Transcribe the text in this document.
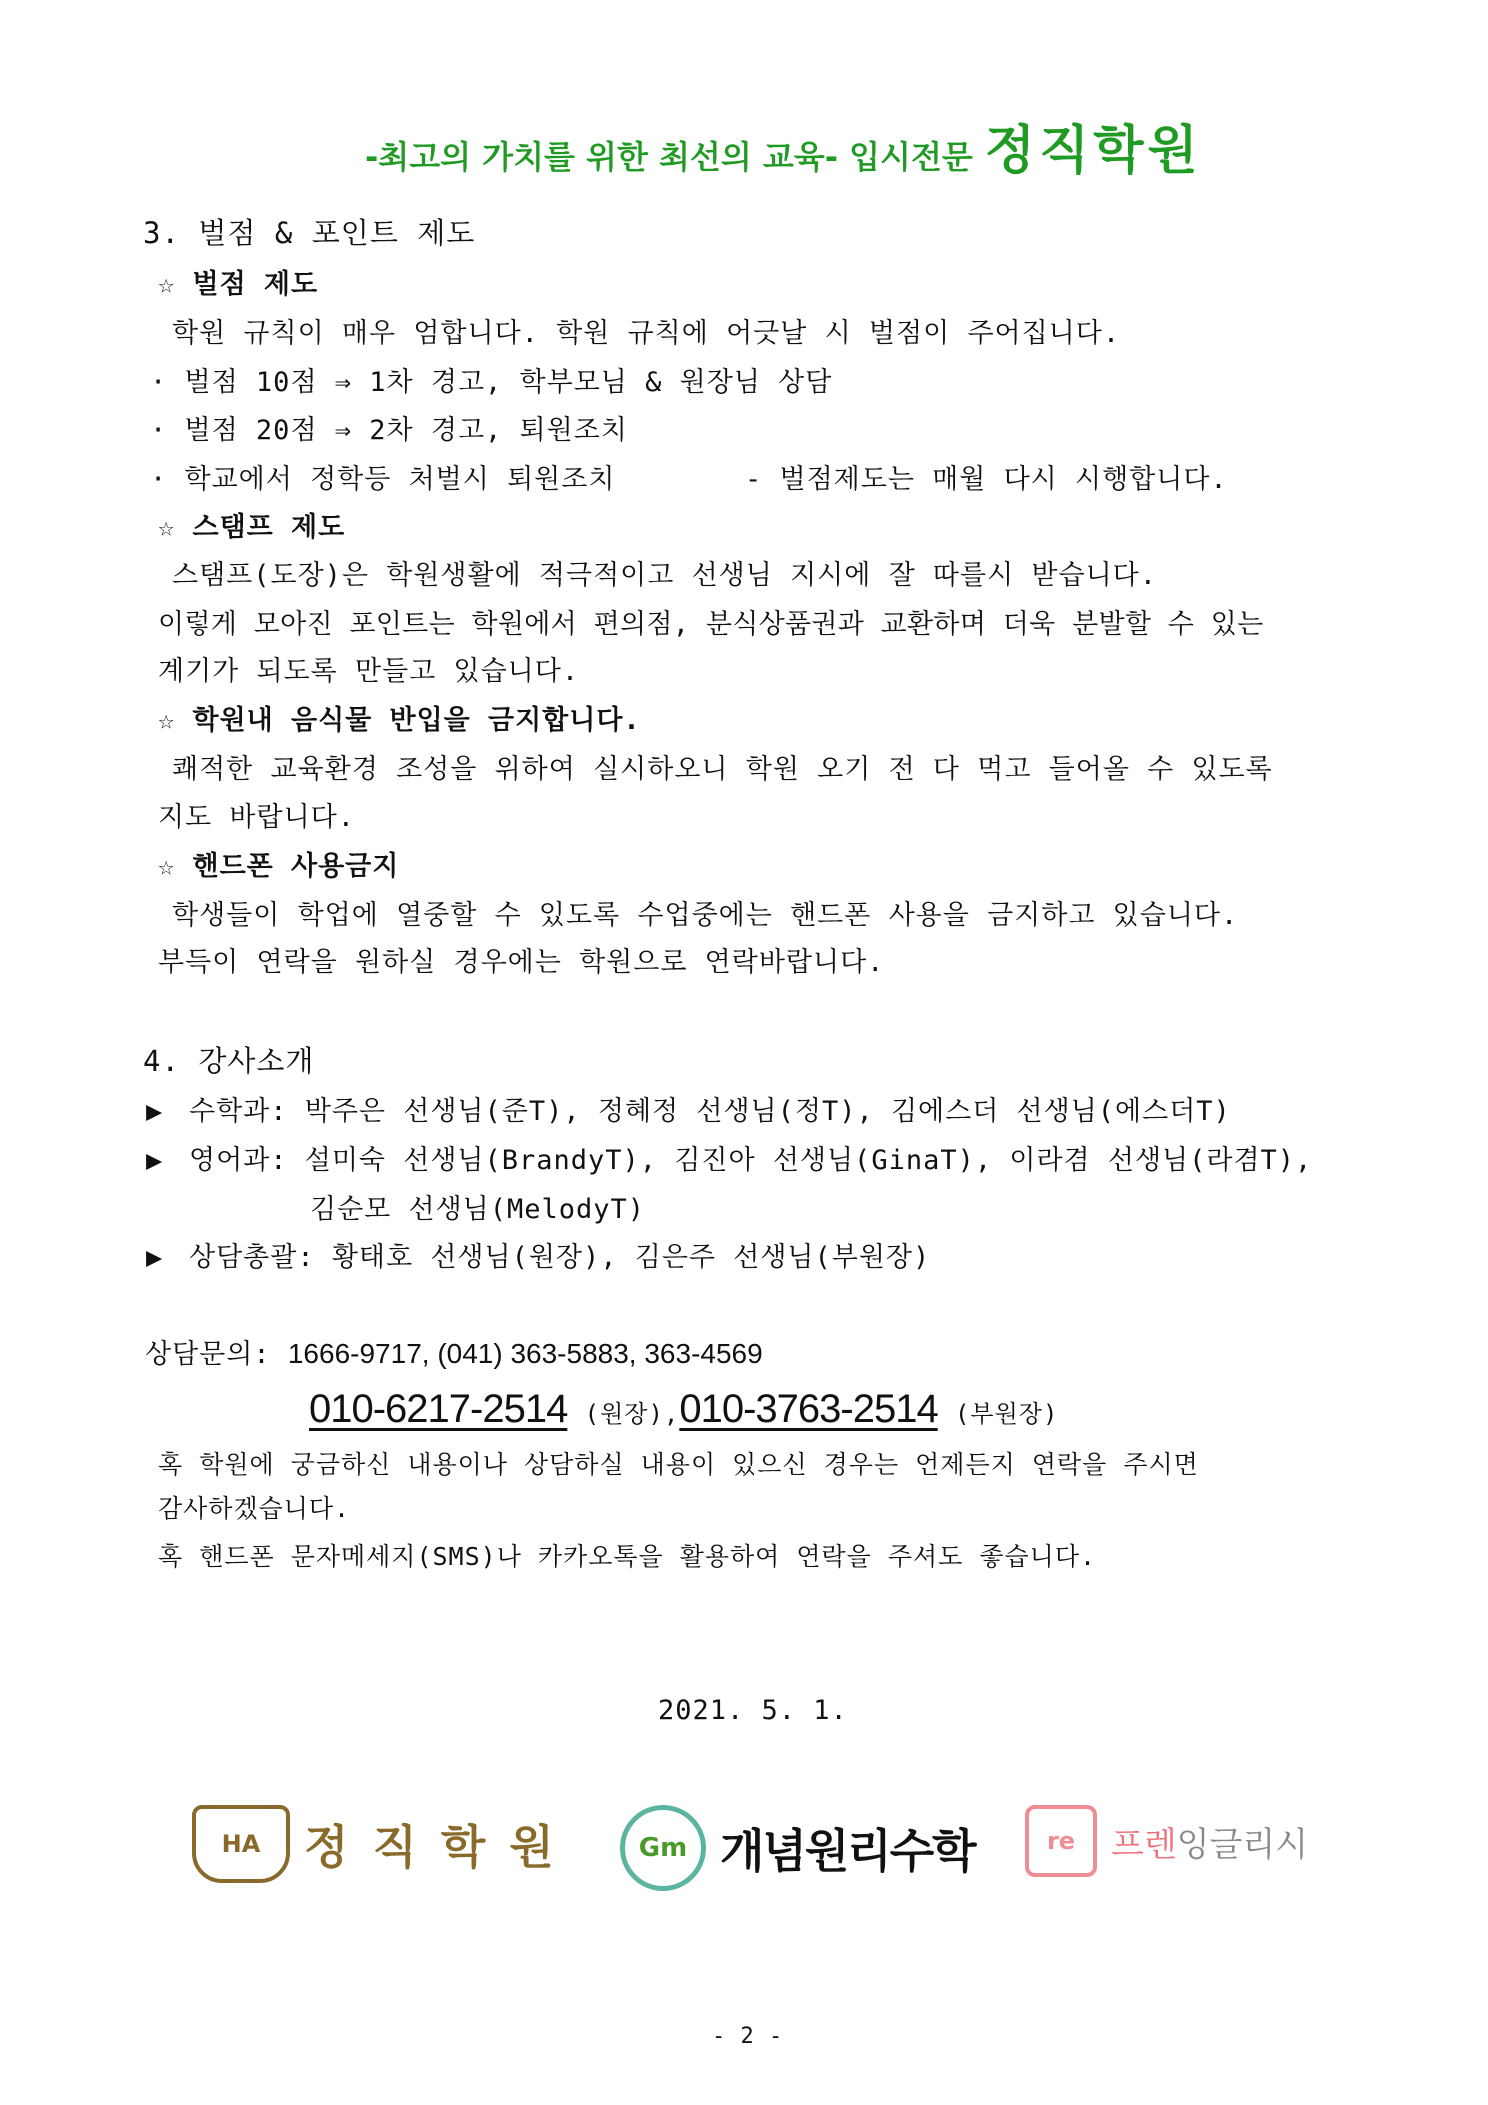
-최고의 가치를 위한 최선의 교육- 입시전문 정직학원
3. 벌점 & 포인트 제도
☆ 벌점 제도
학원 규칙이 매우 엄합니다. 학원 규칙에 어긋날 시 벌점이 주어집니다.
· 벌점 10점 ⇒ 1차 경고, 학부모님 & 원장님 상담
· 벌점 20점 ⇒ 2차 경고, 퇴원조치
· 학교에서 정학등 처벌시 퇴원조치	- 벌점제도는 매월 다시 시행합니다.
☆ 스탬프 제도
스탬프(도장)은 학원생활에 적극적이고 선생님 지시에 잘 따를시 받습니다.
이렇게 모아진 포인트는 학원에서 편의점, 분식상품권과 교환하며 더욱 분발할 수 있는
계기가 되도록 만들고 있습니다.
☆ 학원내 음식물 반입을 금지합니다.
쾌적한 교육환경 조성을 위하여 실시하오니 학원 오기 전 다 먹고 들어올 수 있도록
지도 바랍니다.
☆ 핸드폰 사용금지
학생들이 학업에 열중할 수 있도록 수업중에는 핸드폰 사용을 금지하고 있습니다.
부득이 연락을 원하실 경우에는 학원으로 연락바랍니다.
4. 강사소개
▶ 수학과: 박주은 선생님(준T), 정혜정 선생님(정T), 김에스더 선생님(에스더T)
▶ 영어과: 설미숙 선생님(BrandyT), 김진아 선생님(GinaT), 이라겸 선생님(라겸T),
김순모 선생님(MelodyT)
▶ 상담총괄: 황태호 선생님(원장), 김은주 선생님(부원장)
상담문의: 1666-9717, (041) 363-5883, 363-4569
010-6217-2514 (원장),010-3763-2514 (부원장)
혹 학원에 궁금하신 내용이나 상담하실 내용이 있으신 경우는 언제든지 연락을 주시면
감사하겠습니다.
혹 핸드폰 문자메세지(SMS)나 카카오톡을 활용하여 연락을 주셔도 좋습니다.
2021. 5. 1.
HA 정 직 학 원	Gm 개념원리수학	re	프렌잉글리시
- 2 -
